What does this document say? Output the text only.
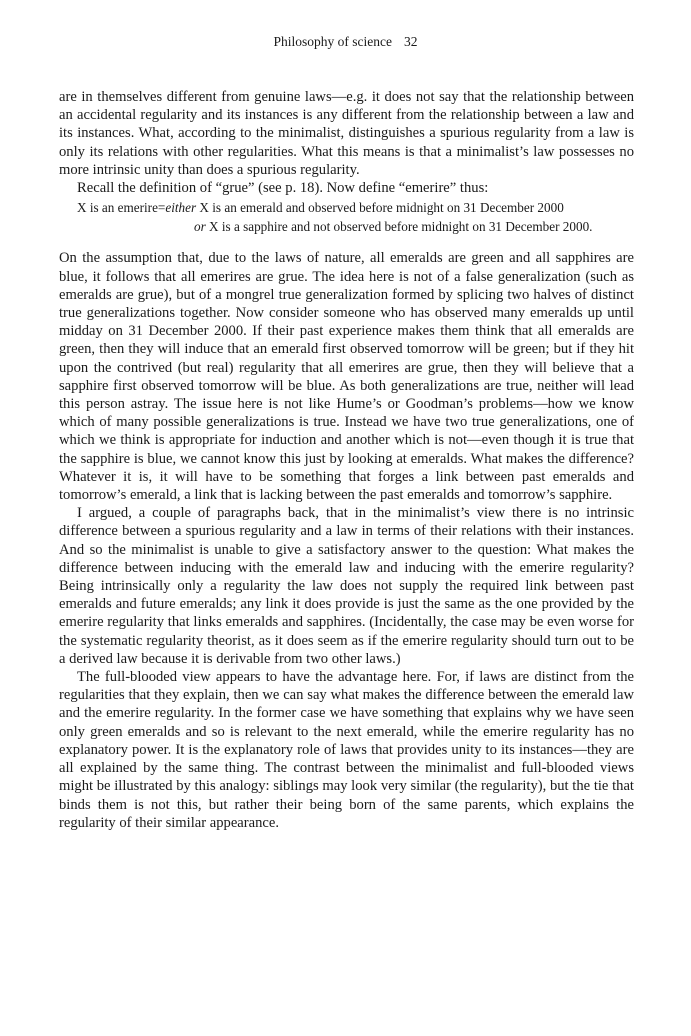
Philosophy of science 32

are in themselves different from genuine laws—e.g. it does not say that the relationship between an accidental regularity and its instances is any different from the relationship between a law and its instances. What, according to the minimalist, distinguishes a spurious regularity from a law is only its relations with other regularities. What this means is that a minimalist’s law possesses no more intrinsic unity than does a spurious regularity.

Recall the definition of “grue” (see p. 18). Now define “emerire” thus:

X is an emerire=either X is an emerald and observed before midnight on 31 December 2000
or X is a sapphire and not observed before midnight on 31 December 2000.

On the assumption that, due to the laws of nature, all emeralds are green and all sapphires are blue, it follows that all emerires are grue. The idea here is not of a false generalization (such as emeralds are grue), but of a mongrel true generalization formed by splicing two halves of distinct true generalizations together. Now consider someone who has observed many emeralds up until midday on 31 December 2000. If their past experience makes them think that all emeralds are green, then they will induce that an emerald first observed tomorrow will be green; but if they hit upon the contrived (but real) regularity that all emerires are grue, then they will believe that a sapphire first observed tomorrow will be blue. As both generalizations are true, neither will lead this person astray. The issue here is not like Hume’s or Goodman’s problems—how we know which of many possible generalizations is true. Instead we have two true generalizations, one of which we think is appropriate for induction and another which is not—even though it is true that the sapphire is blue, we cannot know this just by looking at emeralds. What makes the difference? Whatever it is, it will have to be something that forges a link between past emeralds and tomorrow’s emerald, a link that is lacking between the past emeralds and tomorrow’s sapphire.

I argued, a couple of paragraphs back, that in the minimalist’s view there is no intrinsic difference between a spurious regularity and a law in terms of their relations with their instances. And so the minimalist is unable to give a satisfactory answer to the question: What makes the difference between inducing with the emerald law and inducing with the emerire regularity? Being intrinsically only a regularity the law does not supply the required link between past emeralds and future emeralds; any link it does provide is just the same as the one provided by the emerire regularity that links emeralds and sapphires. (Incidentally, the case may be even worse for the systematic regularity theorist, as it does seem as if the emerire regularity should turn out to be a derived law because it is derivable from two other laws.)

The full-blooded view appears to have the advantage here. For, if laws are distinct from the regularities that they explain, then we can say what makes the difference between the emerald law and the emerire regularity. In the former case we have something that explains why we have seen only green emeralds and so is relevant to the next emerald, while the emerire regularity has no explanatory power. It is the explanatory role of laws that provides unity to its instances—they are all explained by the same thing. The contrast between the minimalist and full-blooded views might be illustrated by this analogy: siblings may look very similar (the regularity), but the tie that binds them is not this, but rather their being born of the same parents, which explains the regularity of their similar appearance.
